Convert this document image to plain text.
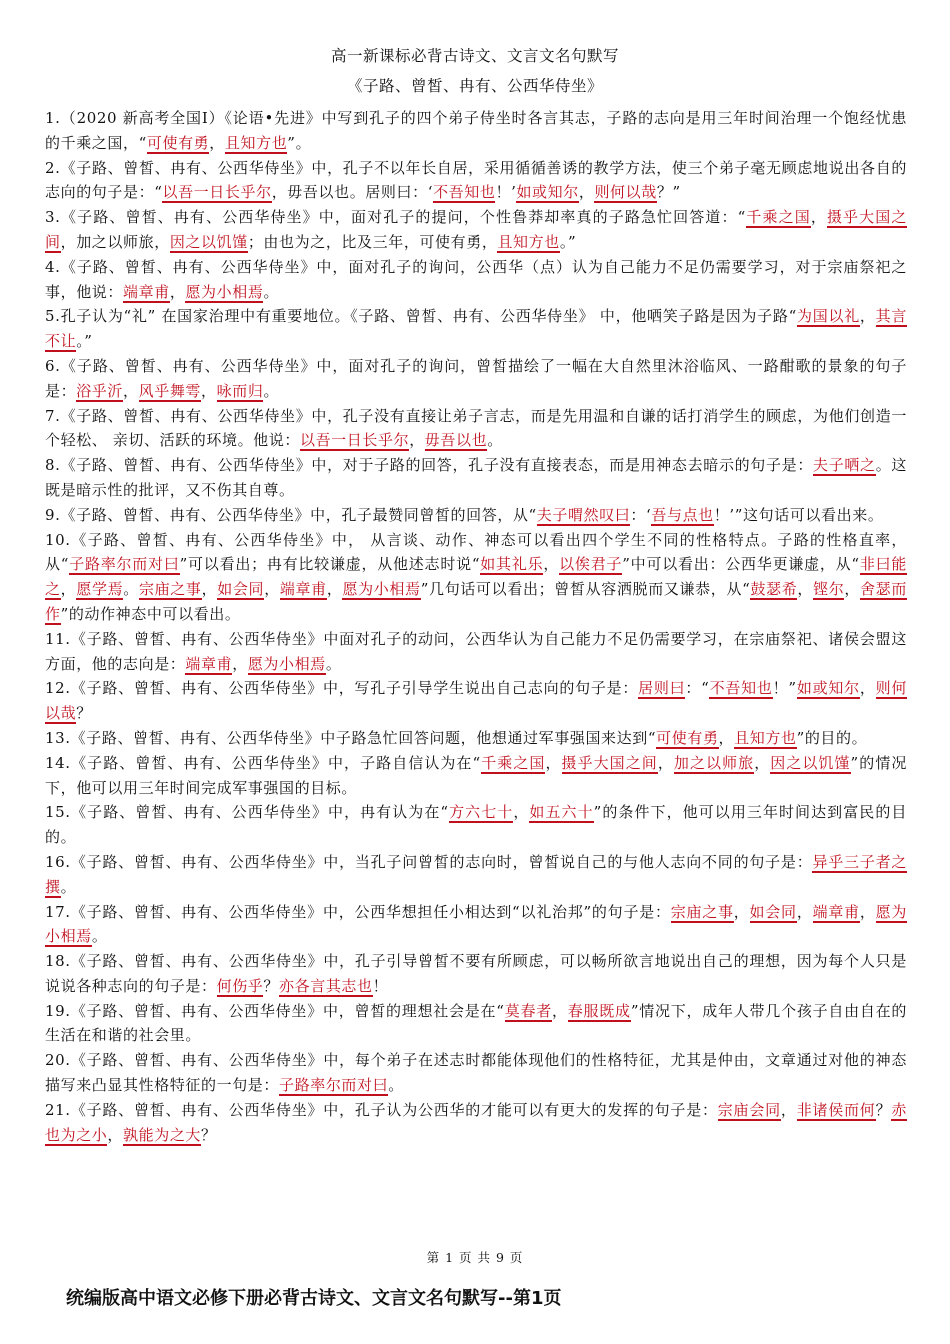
高一新课标必背古诗文、文言文名句默写
《子路、曾皙、冉有、公西华侍坐》

1.（2020 新高考全国Ⅰ）《论语•先进》中写到孔子的四个弟子侍坐时各言其志，子路的志向是用三年时间治理一个饱经忧患的千乘之国，“可使有勇，且知方也”。

2.《子路、曾皙、冉有、公西华侍坐》中，孔子不以年长自居，采用循循善诱的教学方法，使三个弟子毫无顾虑地说出各自的志向的句子是：“以吾一日长乎尔，毋吾以也。居则曰：‘不吾知也！’如或知尔，则何以哉？”

3.《子路、曾皙、冉有、公西华侍坐》中，面对孔子的提问，个性鲁莽却率真的子路急忙回答道：“千乘之国，摄乎大国之间，加之以师旅，因之以饥馑；由也为之，比及三年，可使有勇，且知方也。”

4.《子路、曾皙、冉有、公西华侍坐》中，面对孔子的询问，公西华（点）认为自己能力不足仍需要学习，对于宗庙祭祀之事，他说：端章甫，愿为小相焉。

5.孔子认为“礼” 在国家治理中有重要地位。《子路、曾皙、冉有、公西华侍坐》 中，他哂笑子路是因为子路“为国以礼，其言不让。”

6.《子路、曾皙、冉有、公西华侍坐》中，面对孔子的询问，曾皙描绘了一幅在大自然里沐浴临风、一路酣歌的景象的句子是：浴乎沂，风乎舞雩，咏而归。

7.《子路、曾皙、冉有、公西华侍坐》中，孔子没有直接让弟子言志，而是先用温和自谦的话打消学生的顾虑，为他们创造一个轻松、 亲切、活跃的环境。他说：以吾一日长乎尔，毋吾以也。

8.《子路、曾皙、冉有、公西华侍坐》中，对于子路的回答，孔子没有直接表态，而是用神态去暗示的句子是：夫子哂之。这既是暗示性的批评，又不伤其自尊。

9.《子路、曾皙、冉有、公西华侍坐》中，孔子最赞同曾皙的回答，从“夫子喟然叹曰：‘吾与点也！’”这句话可以看出来。

10.《子路、曾皙、冉有、公西华侍坐》中， 从言谈、动作、神态可以看出四个学生不同的性格特点。子路的性格直率，从“子路率尔而对曰”可以看出；冉有比较谦虚，从他述志时说“如其礼乐，以俟君子”中可以看出：公西华更谦虚，从“非曰能之，愿学焉。宗庙之事，如会同，端章甫，愿为小相焉”几句话可以看出；曾皙从容洒脱而又谦恭，从“鼓瑟希，铿尔，舍瑟而作”的动作神态中可以看出。

11.《子路、曾皙、冉有、公西华侍坐》中面对孔子的动问，公西华认为自己能力不足仍需要学习，在宗庙祭祀、诸侯会盟这方面，他的志向是：端章甫，愿为小相焉。

12.《子路、曾皙、冉有、公西华侍坐》中，写孔子引导学生说出自己志向的句子是：居则曰：“不吾知也！”如或知尔，则何以哉？

13.《子路、曾皙、冉有、公西华侍坐》中子路急忙回答问题，他想通过军事强国来达到“可使有勇，且知方也”的目的。

14.《子路、曾皙、冉有、公西华侍坐》中，子路自信认为在“千乘之国，摄乎大国之间，加之以师旅，因之以饥馑”的情况下，他可以用三年时间完成军事强国的目标。

15.《子路、曾皙、冉有、公西华侍坐》中，冉有认为在“方六七十，如五六十”的条件下，他可以用三年时间达到富民的目的。

16.《子路、曾皙、冉有、公西华侍坐》中，当孔子问曾皙的志向时，曾皙说自己的与他人志向不同的句子是：异乎三子者之撰。

17.《子路、曾皙、冉有、公西华侍坐》中，公西华想担任小相达到“以礼治邦”的句子是：宗庙之事，如会同，端章甫，愿为小相焉。

18.《子路、曾皙、冉有、公西华侍坐》中，孔子引导曾皙不要有所顾虑，可以畅所欲言地说出自己的理想，因为每个人只是说说各种志向的句子是：何伤乎？亦各言其志也！

19.《子路、曾皙、冉有、公西华侍坐》中，曾皙的理想社会是在“莫春者，春服既成”情况下，成年人带几个孩子自由自在的生活在和谐的社会里。

20.《子路、曾皙、冉有、公西华侍坐》中，每个弟子在述志时都能体现他们的性格特征，尤其是仲由，文章通过对他的神态描写来凸显其性格特征的一句是：子路率尔而对曰。

21.《子路、曾皙、冉有、公西华侍坐》中，孔子认为公西华的才能可以有更大的发挥的句子是：宗庙会同，非诸侯而何？赤也为之小，孰能为之大？

第 1 页 共 9 页
统编版高中语文必修下册必背古诗文、文言文名句默写--第1页
